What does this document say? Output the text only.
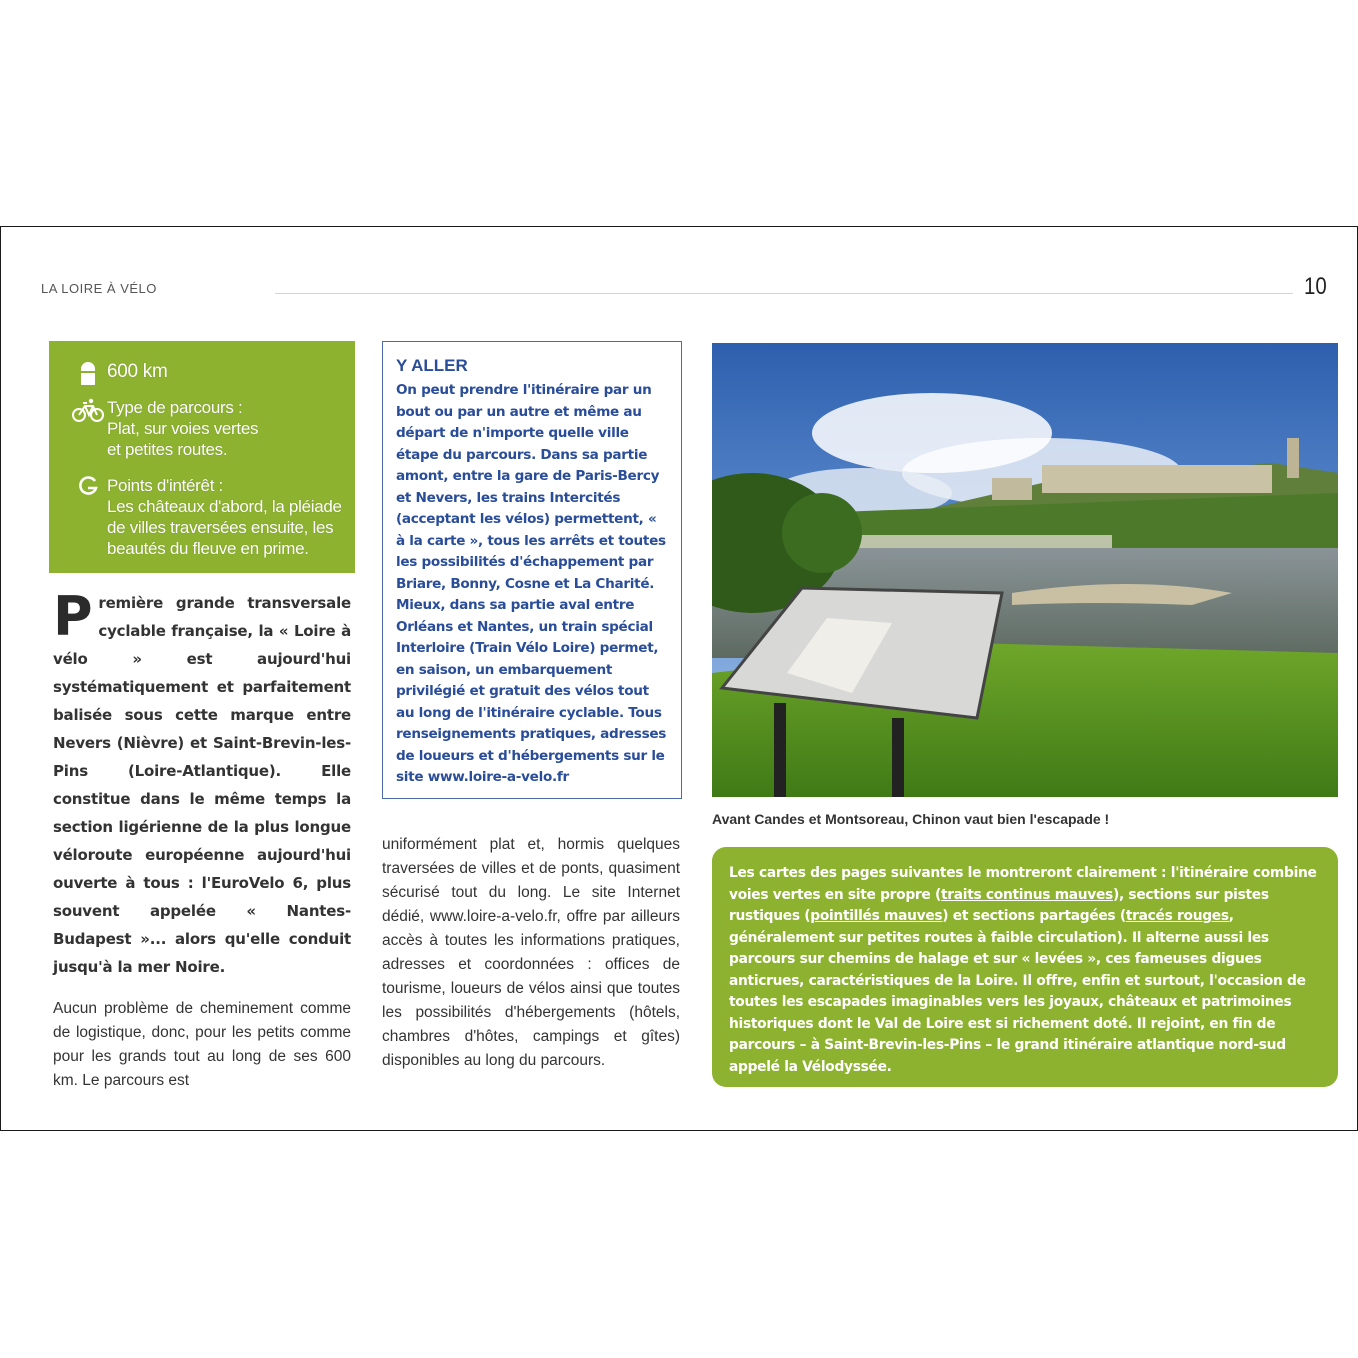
LA LOIRE À VÉLO	10
600 km
Type de parcours :
Plat, sur voies vertes
et petites routes.
Points d'intérêt :
Les châteaux d'abord, la pléiade
de villes traversées ensuite, les
beautés du fleuve en prime.
Première grande transversale cyclable française, la « Loire à vélo » est aujourd'hui systématiquement et parfaitement balisée sous cette marque entre Nevers (Nièvre) et Saint-Brevin-les-Pins (Loire-Atlantique). Elle constitue dans le même temps la section ligérienne de la plus longue véloroute européenne aujourd'hui ouverte à tous : l'EuroVelo 6, plus souvent appelée « Nantes-Budapest »... alors qu'elle conduit jusqu'à la mer Noire.
Aucun problème de cheminement comme de logistique, donc, pour les petits comme pour les grands tout au long de ses 600 km. Le parcours est
Y ALLER

On peut prendre l'itinéraire par un bout ou par un autre et même au départ de n'importe quelle ville étape du parcours. Dans sa partie amont, entre la gare de Paris-Bercy et Nevers, les trains Intercités (acceptant les vélos) permettent, « à la carte », tous les arrêts et toutes les possibilités d'échappement par Briare, Bonny, Cosne et La Charité. Mieux, dans sa partie aval entre Orléans et Nantes, un train spécial Interloire (Train Vélo Loire) permet, en saison, un embarquement privilégié et gratuit des vélos tout au long de l'itinéraire cyclable. Tous renseignements pratiques, adresses de loueurs et d'hébergements sur le site www.loire-a-velo.fr

uniformément plat et, hormis quelques traversées de villes et de ponts, quasiment sécurisé tout du long. Le site Internet dédié, www.loire-a-velo.fr, offre par ailleurs accès à toutes les informations pratiques, adresses et coordonnées : offices de tourisme, loueurs de vélos ainsi que toutes les possibilités d'hébergements (hôtels, chambres d'hôtes, campings et gîtes) disponibles au long du parcours.
Avant Candes et Montsoreau, Chinon vaut bien l'escapade !

Les cartes des pages suivantes le montreront clairement : l'itinéraire combine voies vertes en site propre (traits continus mauves), sections sur pistes rustiques (pointillés mauves) et sections partagées (tracés rouges, généralement sur petites routes à faible circulation). Il alterne aussi les parcours sur chemins de halage et sur « levées », ces fameuses digues anticrues, caractéristiques de la Loire. Il offre, enfin et surtout, l'occasion de toutes les escapades imaginables vers les joyaux, châteaux et patrimoines historiques dont le Val de Loire est si richement doté. Il rejoint, en fin de parcours – à Saint-Brevin-les-Pins – le grand itinéraire atlantique nord-sud appelé la Vélodyssée.
